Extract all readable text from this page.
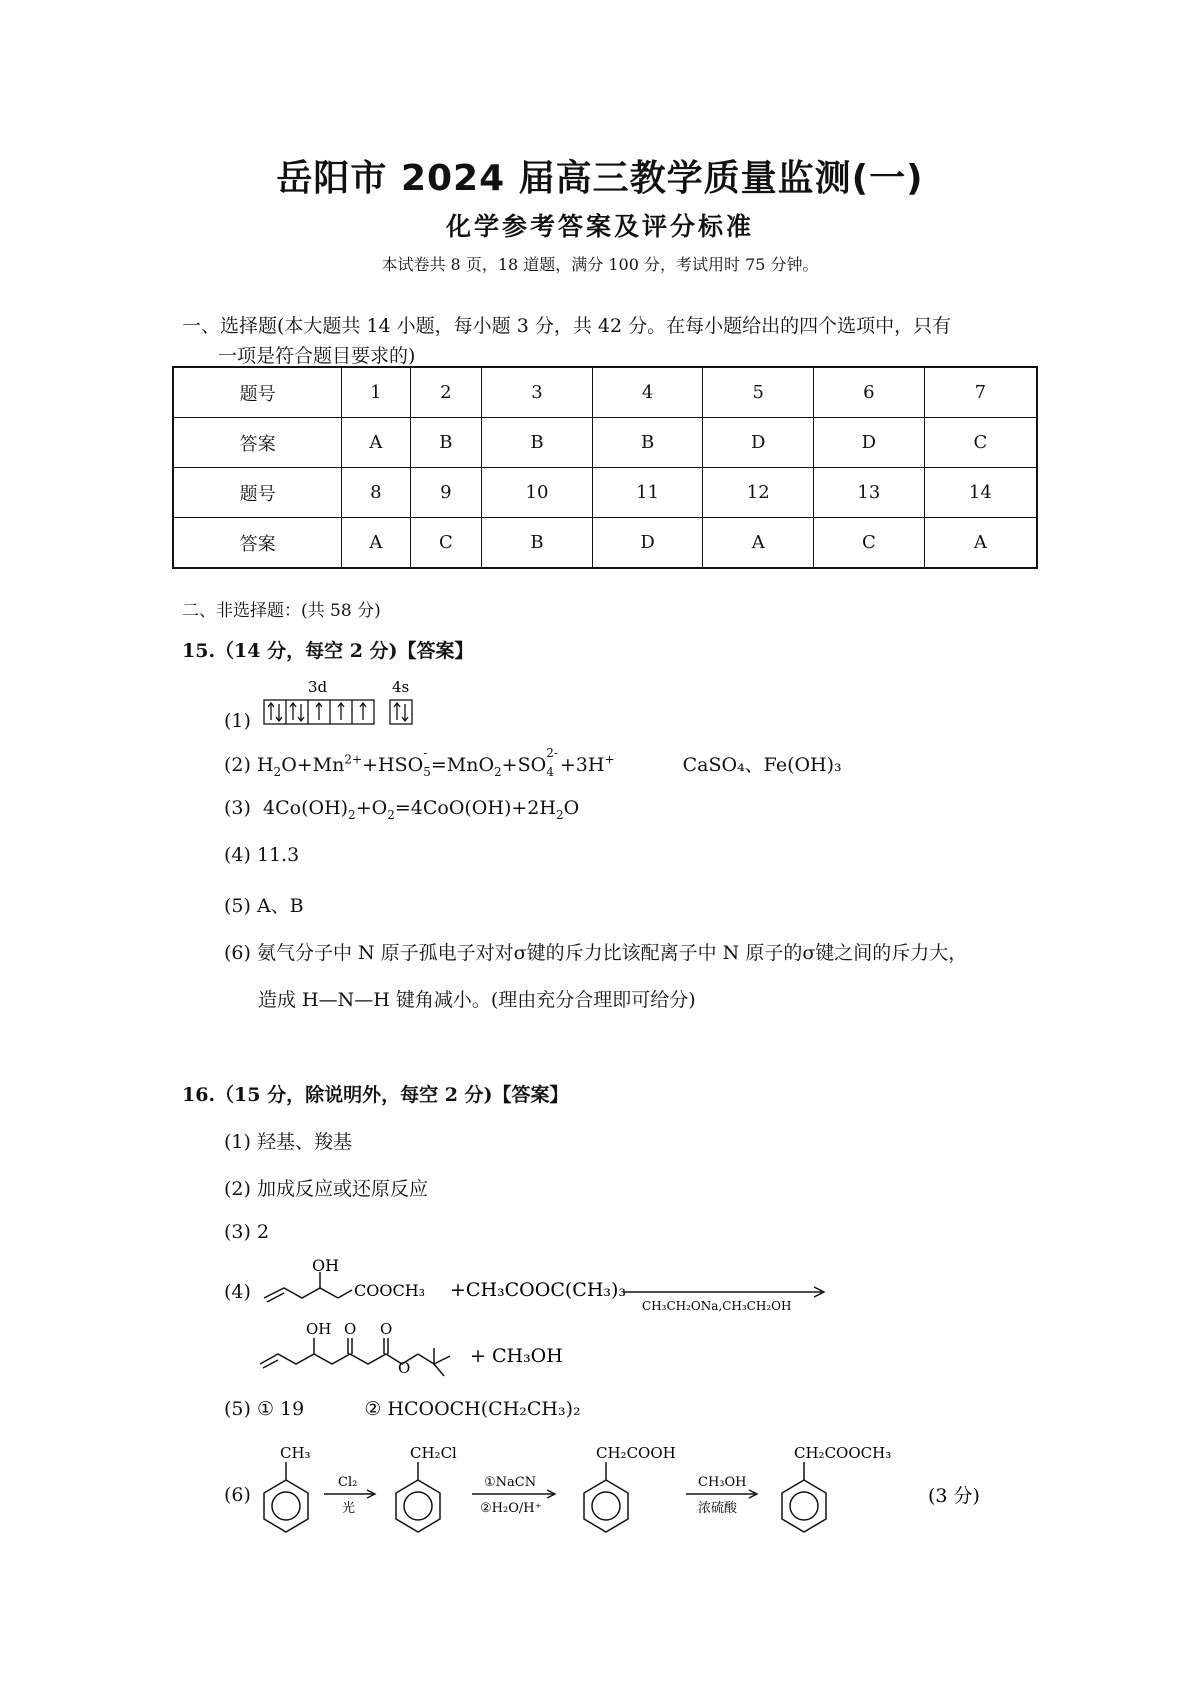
岳阳市 2024 届高三教学质量监测(一)
化学参考答案及评分标准
本试卷共 8 页，18 道题，满分 100 分，考试用时 75 分钟。
一、选择题(本大题共 14 小题，每小题 3 分，共 42 分。在每小题给出的四个选项中，只有
一项是符合题目要求的)
题号	1	2	3	4	5	6	7
答案	A	B	B	B	D	D	C
题号	8	9	10	11	12	13	14
答案	A	C	B	D	A	C	A
二、非选择题：(共 58 分)
15.（14 分，每空 2 分)【答案】
(1)
3d	4s
(2) $H_2O+Mn^{2+}+HSO$
-
$_5$=MnO$_2$+SO
2-
$_4$ +3H+	CaSO₄、Fe(OH)₃
(3)  $4Co(OH)_2+O_2=4CoO(OH)+2H_2O$
(4) 11.3
(5) A、B
(6) 氨气分子中 N 原子孤电子对对σ键的斥力比该配离子中 N 原子的σ键之间的斥力大，
造成 H—N—H 键角减小。(理由充分合理即可给分)
16.（15 分，除说明外，每空 2 分)【答案】
(1) 羟基、羧基
(2) 加成反应或还原反应
(3) 2
(4)
OH
COOCH₃ +CH₃COOC(CH₃)₃
CH₃CH₂ONa,CH₃CH₂OH
OH O O
O
+ CH₃OH
(5) ① 19	② HCOOCH(CH₂CH₃)₂
(6)
CH₃
Cl₂
光
CH₂Cl
①NaCN
②H₂O/H⁺
CH₂COOH
CH₃OH
浓硫酸
CH₂COOCH₃
(3 分)
